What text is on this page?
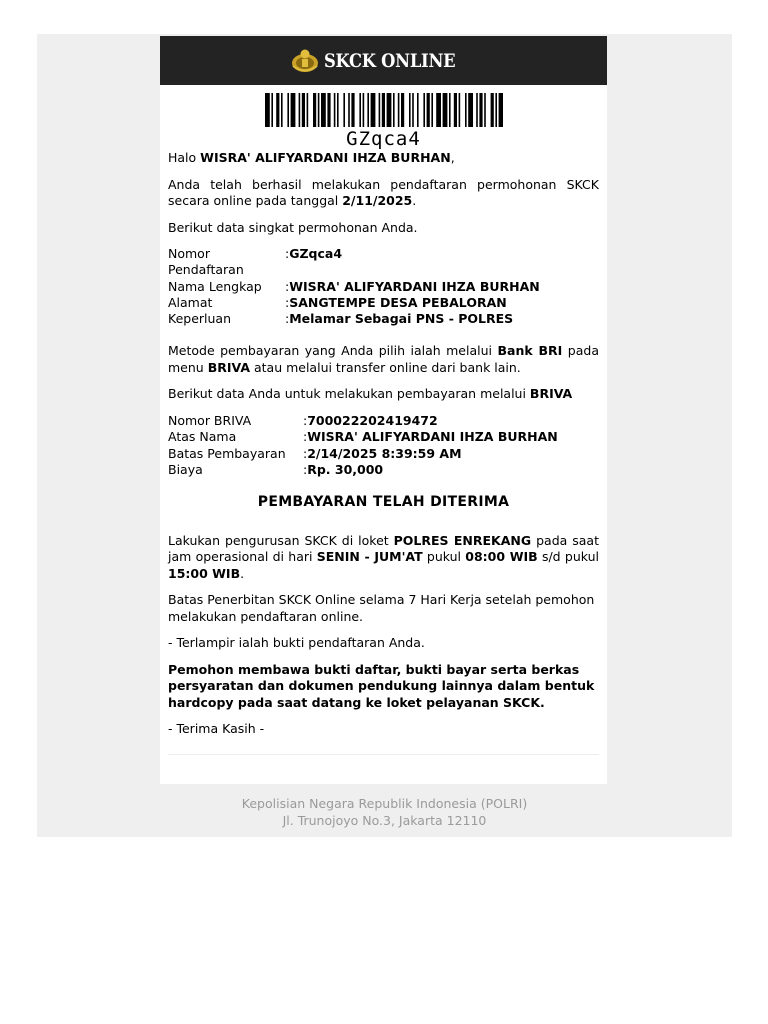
SKCK ONLINE
GZqca4

Halo WISRA' ALIFYARDANI IHZA BURHAN,

Anda telah berhasil melakukan pendaftaran permohonan SKCK secara online pada tanggal 2/11/2025.

Berikut data singkat permohonan Anda.

Nomor Pendaftaran	:GZqca4
Nama Lengkap	:WISRA' ALIFYARDANI IHZA BURHAN
Alamat	:SANGTEMPE DESA PEBALORAN
Keperluan	:Melamar Sebagai PNS - POLRES

Metode pembayaran yang Anda pilih ialah melalui Bank BRI pada menu BRIVA atau melalui transfer online dari bank lain.

Berikut data Anda untuk melakukan pembayaran melalui BRIVA

Nomor BRIVA	:700022202419472
Atas Nama	:WISRA' ALIFYARDANI IHZA BURHAN
Batas Pembayaran	:2/14/2025 8:39:59 AM
Biaya	:Rp. 30,000
PEMBAYARAN TELAH DITERIMA

Lakukan pengurusan SKCK di loket POLRES ENREKANG pada saat jam operasional di hari SENIN - JUM'AT pukul 08:00 WIB s/d pukul 15:00 WIB.

Batas Penerbitan SKCK Online selama 7 Hari Kerja setelah pemohon melakukan pendaftaran online.

- Terlampir ialah bukti pendaftaran Anda.

Pemohon membawa bukti daftar, bukti bayar serta berkas persyaratan dan dokumen pendukung lainnya dalam bentuk hardcopy pada saat datang ke loket pelayanan SKCK.

- Terima Kasih -

Kepolisian Negara Republik Indonesia (POLRI)
Jl. Trunojoyo No.3, Jakarta 12110
